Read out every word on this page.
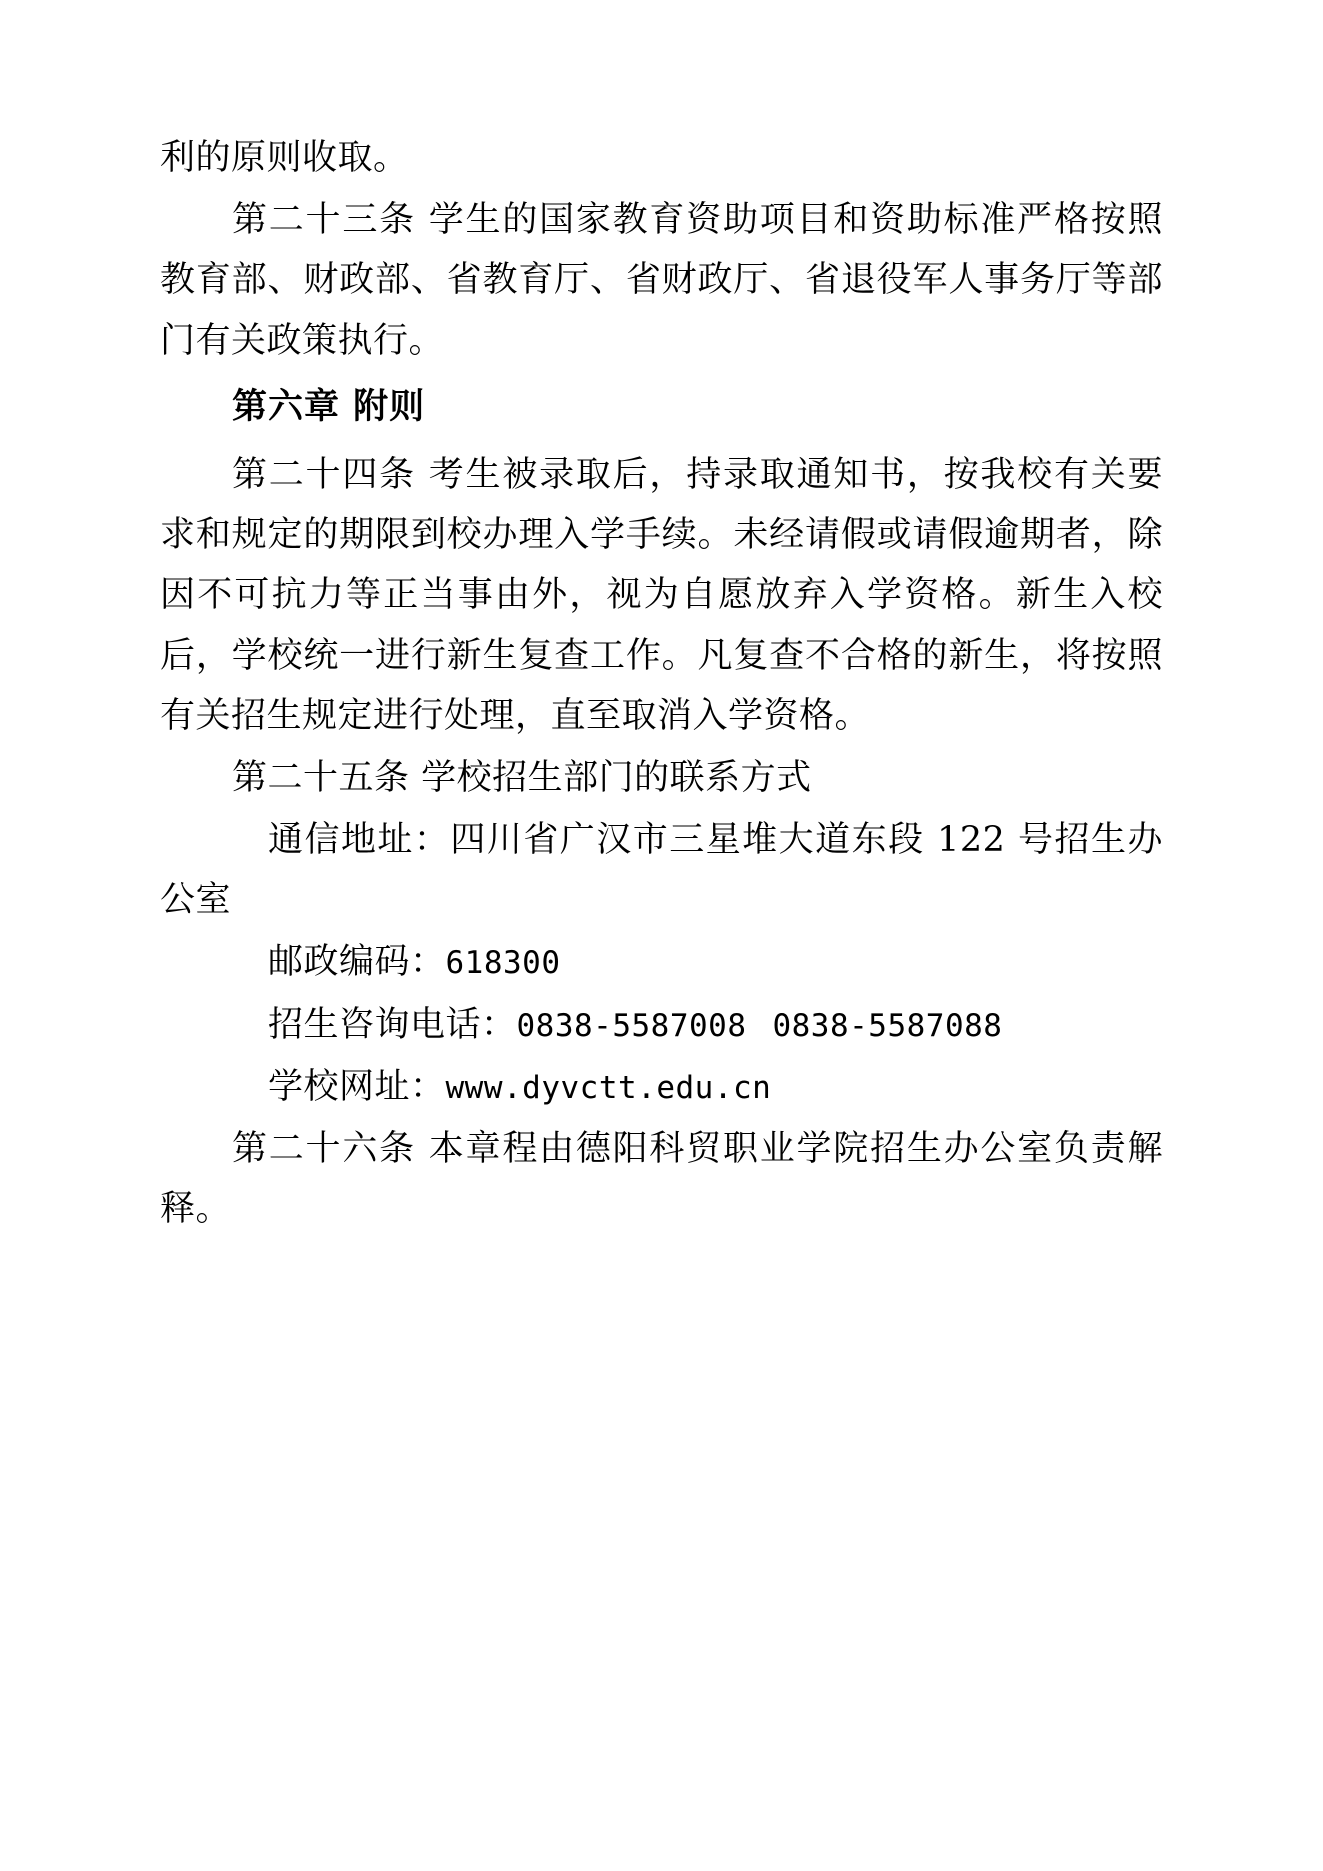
利的原则收取。

第二十三条 学生的国家教育资助项目和资助标准严格按照教育部、财政部、省教育厅、省财政厅、省退役军人事务厅等部门有关政策执行。

第六章 附则

第二十四条 考生被录取后，持录取通知书，按我校有关要求和规定的期限到校办理入学手续。未经请假或请假逾期者，除因不可抗力等正当事由外，视为自愿放弃入学资格。新生入校后，学校统一进行新生复查工作。凡复查不合格的新生，将按照有关招生规定进行处理，直至取消入学资格。

第二十五条 学校招生部门的联系方式

通信地址：四川省广汉市三星堆大道东段 122 号招生办公室

邮政编码：618300

招生咨询电话：0838-5587008 0838-5587088

学校网址：www.dyvctt.edu.cn

第二十六条 本章程由德阳科贸职业学院招生办公室负责解释。
